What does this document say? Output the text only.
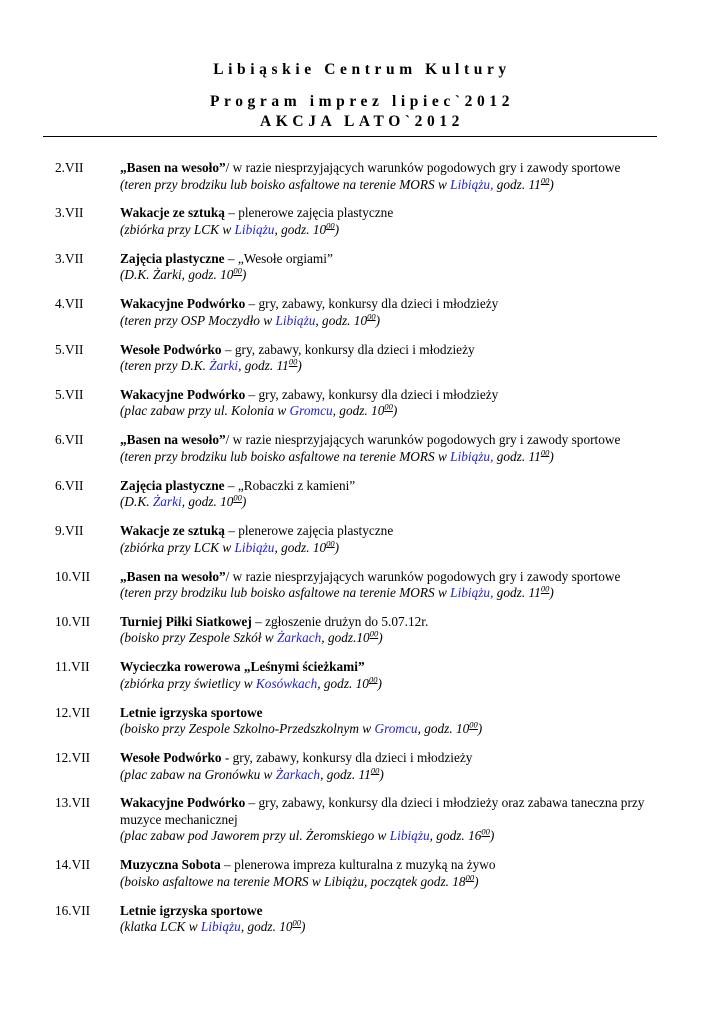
Libiąskie Centrum Kultury
Program imprez lipiec`2012
AKCJA LATO`2012
2.VII	„Basen na wesoło”/ w razie niesprzyjających warunków pogodowych gry i zawody sportowe
(teren przy brodziku lub boisko asfaltowe na terenie MORS w Libiążu, godz. $11^{00}$)
3.VII	Wakacje ze sztuką – plenerowe zajęcia plastyczne
(zbiórka przy LCK w Libiążu, godz. $10^{00}$)
3.VII	Zajęcia plastyczne – „Wesołe orgiami”
(D.K. Żarki, godz. $10^{00}$)
4.VII	Wakacyjne Podwórko – gry, zabawy, konkursy dla dzieci i młodzieży
(teren przy OSP Moczydło w Libiążu, godz. $10^{00}$)
5.VII	Wesołe Podwórko – gry, zabawy, konkursy dla dzieci i młodzieży
(teren przy D.K. Żarki, godz. $11^{00}$)
5.VII	Wakacyjne Podwórko – gry, zabawy, konkursy dla dzieci i młodzieży
(plac zabaw przy ul. Kolonia w Gromcu, godz. $10^{00}$)
6.VII	„Basen na wesoło”/ w razie niesprzyjających warunków pogodowych gry i zawody sportowe
(teren przy brodziku lub boisko asfaltowe na terenie MORS w Libiążu, godz. $11^{00}$)
6.VII	Zajęcia plastyczne – „Robaczki z kamieni”
(D.K. Żarki, godz. $10^{00}$)
9.VII	Wakacje ze sztuką – plenerowe zajęcia plastyczne
(zbiórka przy LCK w Libiążu, godz. $10^{00}$)
10.VII „Basen na wesoło”/ w razie niesprzyjających warunków pogodowych gry i zawody sportowe
(teren przy brodziku lub boisko asfaltowe na terenie MORS w Libiążu, godz. $11^{00}$)
10.VII Turniej Piłki Siatkowej – zgłoszenie drużyn do 5.07.12r.
(boisko przy Zespole Szkół w Żarkach, $godz.10^{00}$)
11.VII Wycieczka rowerowa „Leśnymi ścieżkami”
(zbiórka przy świetlicy w Kosówkach, godz. $10^{00}$)
12.VII Letnie igrzyska sportowe
(boisko przy Zespole Szkolno-Przedszkolnym w Gromcu, godz. $10^{00}$)
12.VII Wesołe Podwórko - gry, zabawy, konkursy dla dzieci i młodzieży
(plac zabaw na Gronówku w Żarkach, godz. $11^{00}$)
13.VII Wakacyjne Podwórko – gry, zabawy, konkursy dla dzieci i młodzieży oraz zabawa taneczna przy muzyce mechanicznej
(plac zabaw pod Jaworem przy ul. Żeromskiego w Libiążu, godz. $16^{00}$)
14.VII Muzyczna Sobota – plenerowa impreza kulturalna z muzyką na żywo
(boisko asfaltowe na terenie MORS w Libiążu, początek godz. $18^{00}$)
16.VII Letnie igrzyska sportowe
(klatka LCK w Libiążu, godz. $10^{00}$)
